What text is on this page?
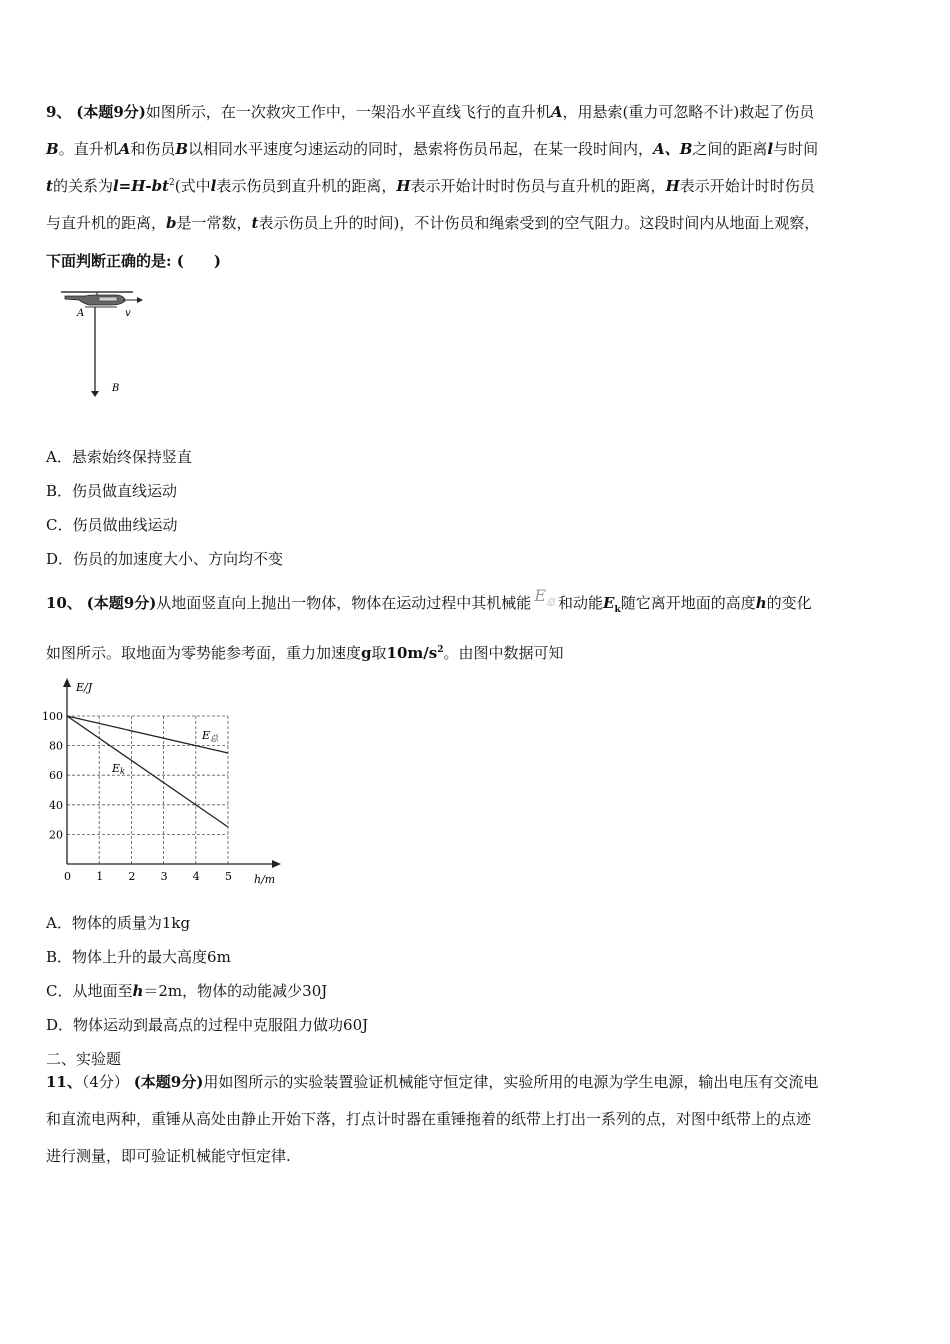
9、 (本题9分)如图所示，在一次救灾工作中，一架沿水平直线飞行的直升机A，用悬索(重力可忽略不计)救起了伤员
B。直升机A和伤员B以相同水平速度匀速运动的同时，悬索将伤员吊起，在某一段时间内，A、B之间的距离l与时间
t的关系为$l=H-bt^2$(式中l表示伤员到直升机的距离，H表示开始计时时伤员与直升机的距离，H表示开始计时时伤员
与直升机的距离，b是一常数，t表示伤员上升的时间)，不计伤员和绳索受到的空气阻力。这段时间内从地面上观察，
下面判断正确的是: (　　)
A	v
B
A．悬索始终保持竖直
B．伤员做直线运动
C．伤员做曲线运动
D．伤员的加速度大小、方向均不变
10、 (本题9分)从地面竖直向上抛出一物体，物体在运动过程中其机械能 $E_总$ 和动能$E_k$随它离开地面的高度h的变化
如图所示。取地面为零势能参考面，重力加速度g取$10m/s^2$。由图中数据可知
E/J
h/m
0 1 2 3 4 5
100
80
60
40
20
E总
Ek
A．物体的质量为1kg
B．物体上升的最大高度6m
C．从地面至h＝2m，物体的动能减少30J
D．物体运动到最高点的过程中克服阻力做功60J
二、实验题
11、（4分） (本题9分)用如图所示的实验装置验证机械能守恒定律，实验所用的电源为学生电源，输出电压有交流电
和直流电两种，重锤从高处由静止开始下落，打点计时器在重锤拖着的纸带上打出一系列的点，对图中纸带上的点迹
进行测量，即可验证机械能守恒定律.
